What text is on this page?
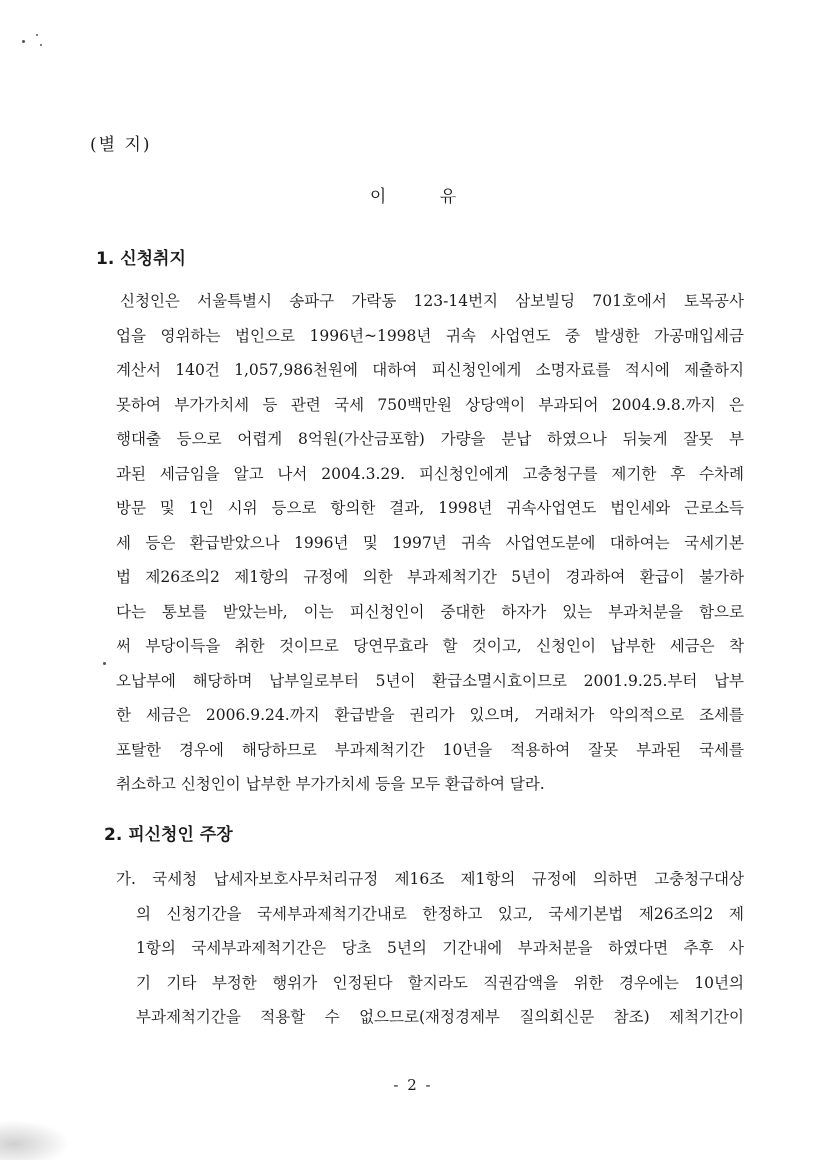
(별 지)
이 유
1. 신청취지
신청인은 서울특별시 송파구 가락동 123-14번지 삼보빌딩 701호에서 토목공사
업을 영위하는 법인으로 1996년~1998년 귀속 사업연도 중 발생한 가공매입세금
계산서 140건 1,057,986천원에 대하여 피신청인에게 소명자료를 적시에 제출하지
못하여 부가가치세 등 관련 국세 750백만원 상당액이 부과되어 2004.9.8.까지 은
행대출 등으로 어렵게 8억원(가산금포함) 가량을 분납 하였으나 뒤늦게 잘못 부
과된 세금임을 알고 나서 2004.3.29. 피신청인에게 고충청구를 제기한 후 수차례
방문 및 1인 시위 등으로 항의한 결과, 1998년 귀속사업연도 법인세와 근로소득
세 등은 환급받았으나 1996년 및 1997년 귀속 사업연도분에 대하여는 국세기본
법 제26조의2 제1항의 규정에 의한 부과제척기간 5년이 경과하여 환급이 불가하
다는 통보를 받았는바, 이는 피신청인이 중대한 하자가 있는 부과처분을 함으로
써 부당이득을 취한 것이므로 당연무효라 할 것이고, 신청인이 납부한 세금은 착
오납부에 해당하며 납부일로부터 5년이 환급소멸시효이므로 2001.9.25.부터 납부
한 세금은 2006.9.24.까지 환급받을 권리가 있으며, 거래처가 악의적으로 조세를
포탈한 경우에 해당하므로 부과제척기간 10년을 적용하여 잘못 부과된 국세를
취소하고 신청인이 납부한 부가가치세 등을 모두 환급하여 달라.
2. 피신청인 주장
가. 국세청 납세자보호사무처리규정 제16조 제1항의 규정에 의하면 고충청구대상
의 신청기간을 국세부과제척기간내로 한정하고 있고, 국세기본법 제26조의2 제
1항의 국세부과제척기간은 당초 5년의 기간내에 부과처분을 하였다면 추후 사
기 기타 부정한 행위가 인정된다 할지라도 직권감액을 위한 경우에는 10년의
부과제척기간을 적용할 수 없으므로(재정경제부 질의회신문 참조) 제척기간이
- 2 -
